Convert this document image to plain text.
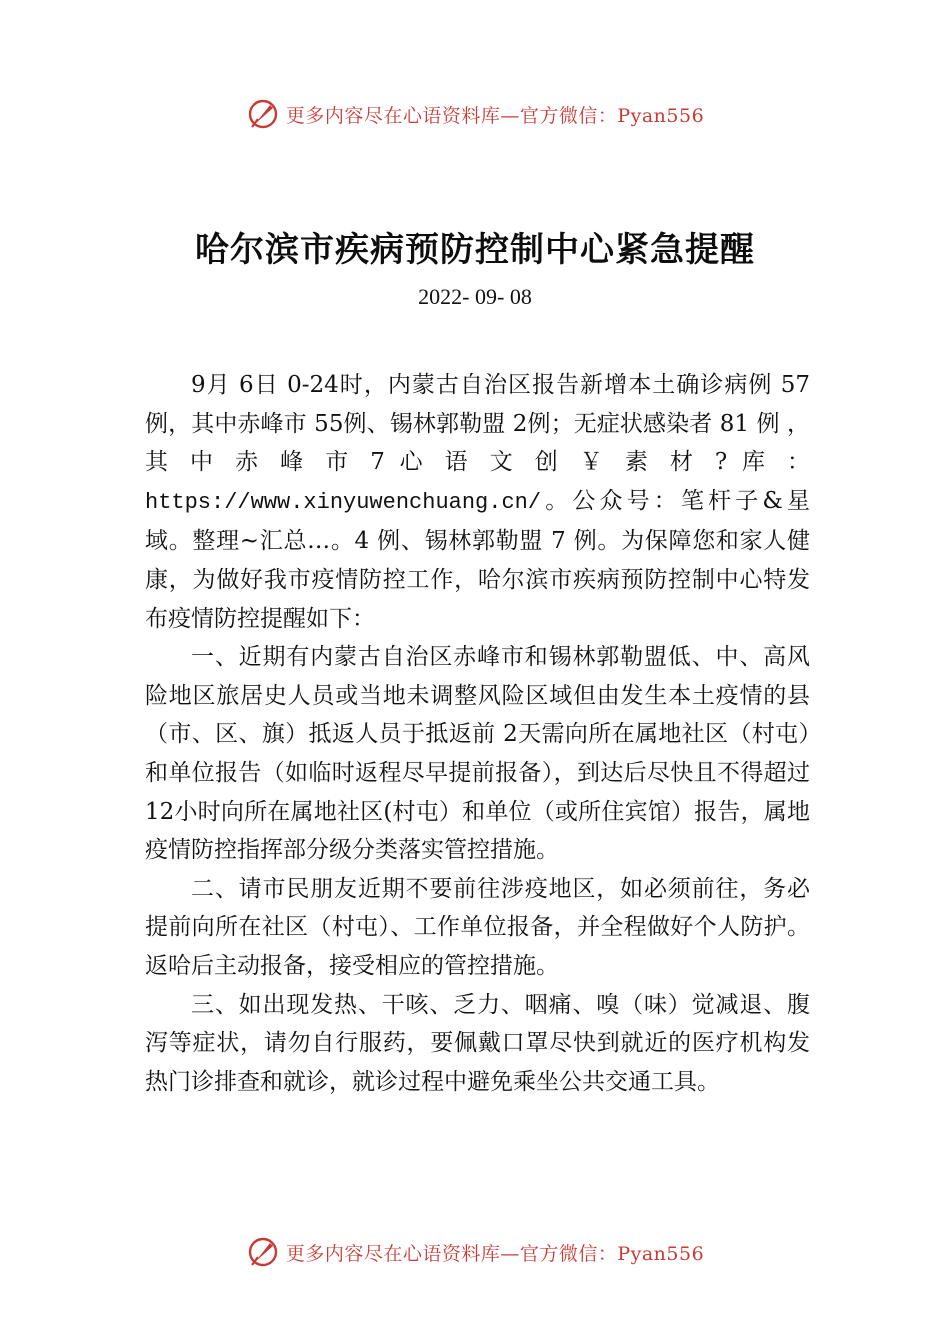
更多内容尽在心语资料库—官方微信：Pyan556
哈尔滨市疾病预防控制中心紧急提醒
2022- 09- 08

9月 6日 0-24时，内蒙古自治区报告新增本土确诊病例 57例，其中赤峰市 55例、锡林郭勒盟 2例；无症状感染者 81 例 ， 其 中 赤 峰 市 7 心 语 文 创 ￥ 素 材 ? 库 ：https://www.xinyuwenchuang.cn/。公众号：笔杆子&星域。整理~汇总…。4 例、锡林郭勒盟 7 例。为保障您和家人健康，为做好我市疫情防控工作，哈尔滨市疾病预防控制中心特发布疫情防控提醒如下：

一、近期有内蒙古自治区赤峰市和锡林郭勒盟低、中、高风险地区旅居史人员或当地未调整风险区域但由发生本土疫情的县（市、区、旗）抵返人员于抵返前 2天需向所在属地社区（村屯）和单位报告（如临时返程尽早提前报备），到达后尽快且不得超过 12小时向所在属地社区(村屯）和单位（或所住宾馆）报告，属地疫情防控指挥部分级分类落实管控措施。

二、请市民朋友近期不要前往涉疫地区，如必须前往，务必提前向所在社区（村屯）、工作单位报备，并全程做好个人防护。返哈后主动报备，接受相应的管控措施。

三、如出现发热、干咳、乏力、咽痛、嗅（味）觉减退、腹泻等症状，请勿自行服药，要佩戴口罩尽快到就近的医疗机构发热门诊排查和就诊，就诊过程中避免乘坐公共交通工具。

更多内容尽在心语资料库—官方微信：Pyan556
